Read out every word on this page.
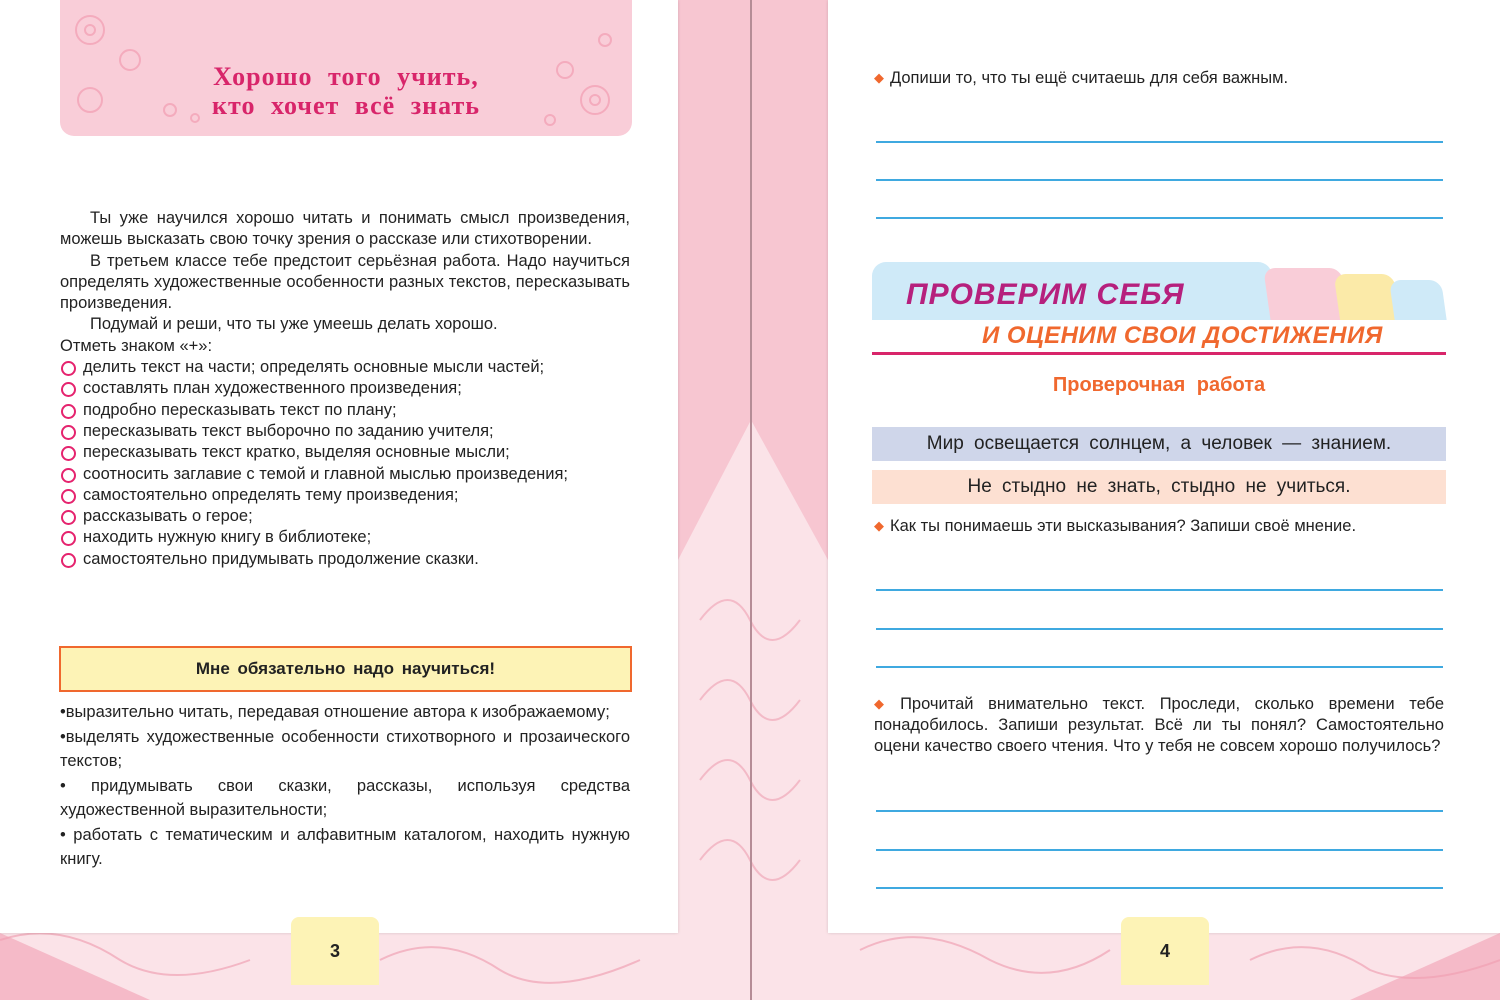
Хорошо того учить,
кто хочет всё знать

Ты уже научился хорошо читать и понимать смысл произведения, можешь высказать свою точку зрения о рассказе или стихотворении.

В третьем классе тебе предстоит серьёзная работа. Надо научиться определять художественные особенности разных текстов, пересказывать произведения.

Подумай и реши, что ты уже умеешь делать хорошо.

Отметь знаком «+»:

делить текст на части; определять основные мысли частей;
составлять план художественного произведения;
подробно пересказывать текст по плану;
пересказывать текст выборочно по заданию учителя;
пересказывать текст кратко, выделяя основные мысли;
соотносить заглавие с темой и главной мыслью произведения;
самостоятельно определять тему произведения;
рассказывать о герое;
находить нужную книгу в библиотеке;
самостоятельно придумывать продолжение сказки.
Мне обязательно надо научиться!
•выразительно читать, передавая отношение автора к изображаемому;
•выделять художественные особенности стихотворного и прозаического текстов;
• придумывать свои сказки, рассказы, используя средства художественной выразительности;
• работать с тематическим и алфавитным каталогом, находить нужную книгу.
3
◆ Допиши то, что ты ещё считаешь для себя важным.
ПРОВЕРИМ СЕБЯ
И ОЦЕНИМ СВОИ ДОСТИЖЕНИЯ
Проверочная работа
Мир освещается солнцем, а человек — знанием.
Не стыдно не знать, стыдно не учиться.
◆ Как ты понимаешь эти высказывания? Запиши своё мнение.
◆ Прочитай внимательно текст. Проследи, сколько времени тебе понадобилось. Запиши результат. Всё ли ты понял? Самостоятельно оцени качество своего чтения. Что у тебя не совсем хорошо получилось?
4
